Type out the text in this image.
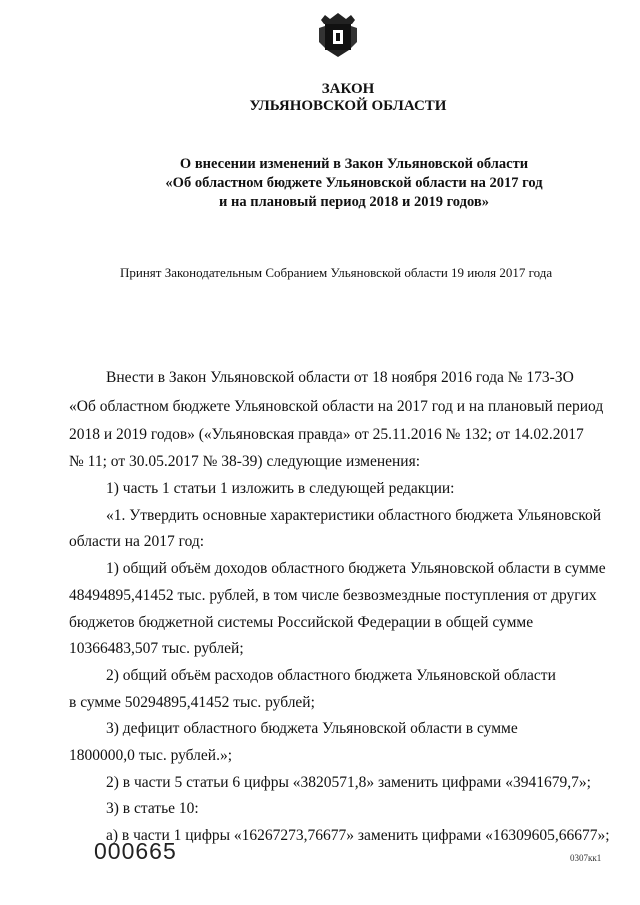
ЗАКОН
УЛЬЯНОВСКОЙ ОБЛАСТИ
О внесении изменений в Закон Ульяновской области
«Об областном бюджете Ульяновской области на 2017 год
и на плановый период 2018 и 2019 годов»
Принят Законодательным Собранием Ульяновской области 19 июля 2017 года
Внести в Закон Ульяновской области от 18 ноября 2016 года № 173-ЗО
«Об областном бюджете Ульяновской области на 2017 год и на плановый период
2018 и 2019 годов» («Ульяновская правда» от 25.11.2016 № 132; от 14.02.2017
№ 11; от 30.05.2017 № 38-39) следующие изменения:
1) часть 1 статьи 1 изложить в следующей редакции:
«1. Утвердить основные характеристики областного бюджета Ульяновской
области на 2017 год:
1) общий объём доходов областного бюджета Ульяновской области в сумме
48494895,41452 тыс. рублей, в том числе безвозмездные поступления от других
бюджетов бюджетной системы Российской Федерации в общей сумме
10366483,507 тыс. рублей;
2) общий объём расходов областного бюджета Ульяновской области
в сумме 50294895,41452 тыс. рублей;
3) дефицит областного бюджета Ульяновской области в сумме
1800000,0 тыс. рублей.»;
2) в части 5 статьи 6 цифры «3820571,8» заменить цифрами «3941679,7»;
3) в статье 10:
а) в части 1 цифры «16267273,76677» заменить цифрами «16309605,66677»;
000665	0307кк1
